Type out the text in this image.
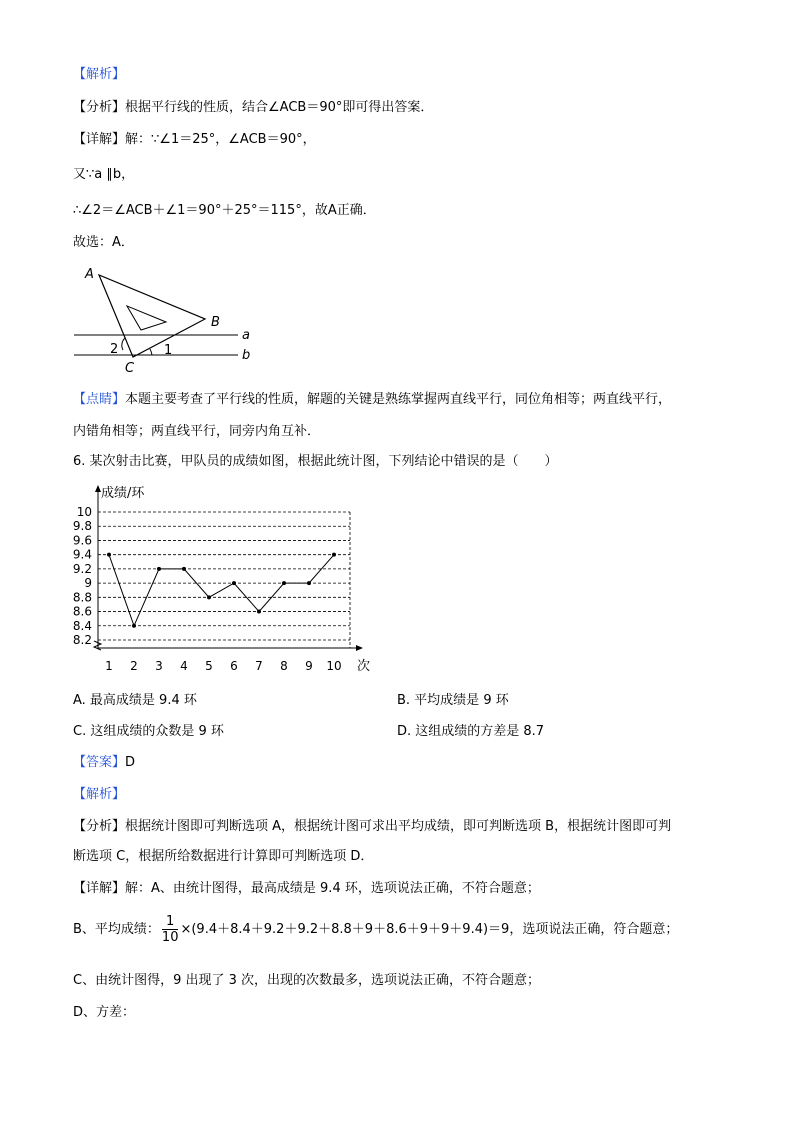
【解析】
【分析】根据平行线的性质，结合∠ACB＝90°即可得出答案．
【详解】解：∵∠1＝25°，∠ACB＝90°，
又∵a ∥b，
∴∠2＝∠ACB＋∠1＝90°＋25°＝115°，故A正确．
故选：A．
A
B
C
a
b
1
2
【点睛】本题主要考查了平行线的性质，解题的关键是熟练掌握两直线平行，同位角相等；两直线平行，
内错角相等；两直线平行，同旁内角互补．
6. 某次射击比赛，甲队员的成绩如图，根据此统计图，下列结论中错误的是（　　）
8.2
8.4
8.6
8.8
9
9.2
9.4
9.6
9.8
10
成绩/环
次
1 2 3 4 5 6 7 8 9 10
A. 最高成绩是 9.4 环	B. 平均成绩是 9 环
C. 这组成绩的众数是 9 环	D. 这组成绩的方差是 8.7
【答案】D
【解析】
【分析】根据统计图即可判断选项 A，根据统计图可求出平均成绩，即可判断选项 B，根据统计图即可判
断选项 C，根据所给数据进行计算即可判断选项 D．
【详解】解：A、由统计图得，最高成绩是 9.4 环，选项说法正确，不符合题意；
B、平均成绩： $\frac{1}{10} \times(9.4+8.4+9.2+9.2+8.8+9+8.6+9+9+9.4)=9$，选项说法正确，符合题意；
C、由统计图得，9 出现了 3 次，出现的次数最多，选项说法正确，不符合题意；
D、方差：
